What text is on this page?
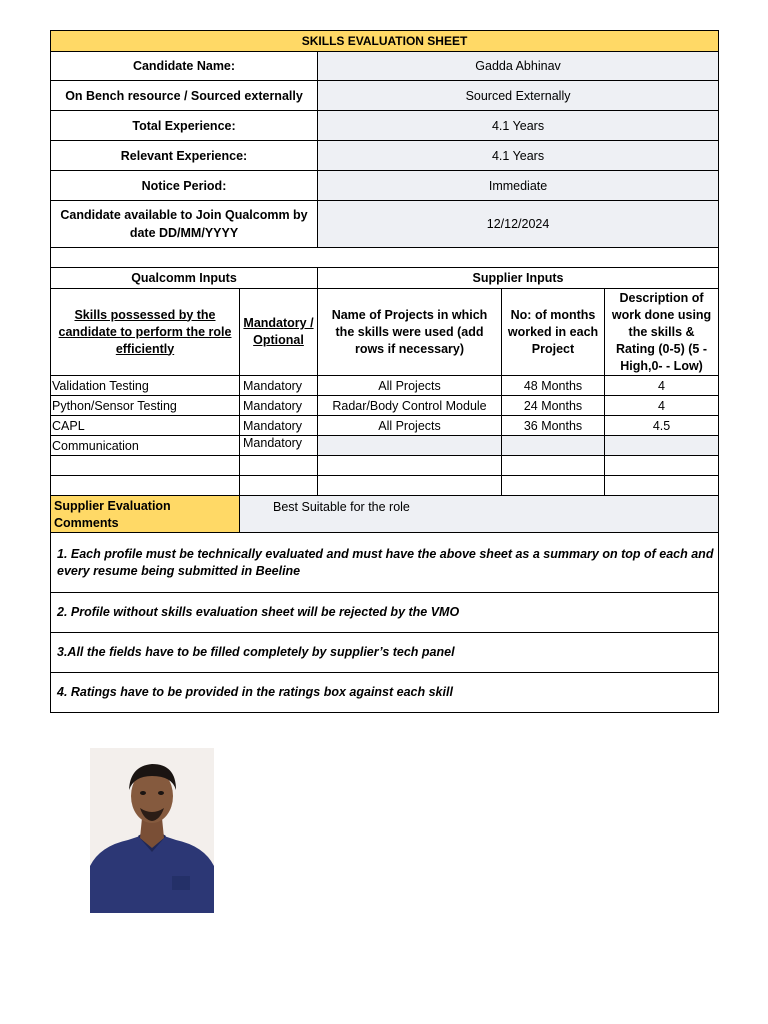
SKILLS EVALUATION SHEET				
Candidate Name:		Gadda Abhinav		
On Bench resource / Sourced externally		Sourced Externally		
Total Experience:		4.1 Years		
Relevant Experience:		4.1 Years		
Notice Period:		Immediate		
Candidate available to Join Qualcomm by date DD/MM/YYYY		12/12/2024		

Qualcomm Inputs		Supplier Inputs		
Skills possessed by the candidate to perform the role efficiently	Mandatory / Optional	Name of Projects in which the skills were used (add rows if necessary)	No: of months worked in each Project	Description of work done using the skills & Rating (0-5) (5 - High,0- - Low)
Validation Testing	Mandatory	All Projects	48 Months	4
Python/Sensor Testing	Mandatory	Radar/Body Control Module	24 Months	4
CAPL	Mandatory	All Projects	36 Months	4.5
Communication	Mandatory			

Supplier Evaluation Comments	Best Suitable for the role			
1. Each profile must be technically evaluated and must have the above sheet as a summary on top of each and every resume being submitted in Beeline				
2. Profile without skills evaluation sheet will be rejected by the VMO				
3.All the fields have to be filled completely by supplier’s tech panel				
4. Ratings have to be provided in the ratings box against each skill				
